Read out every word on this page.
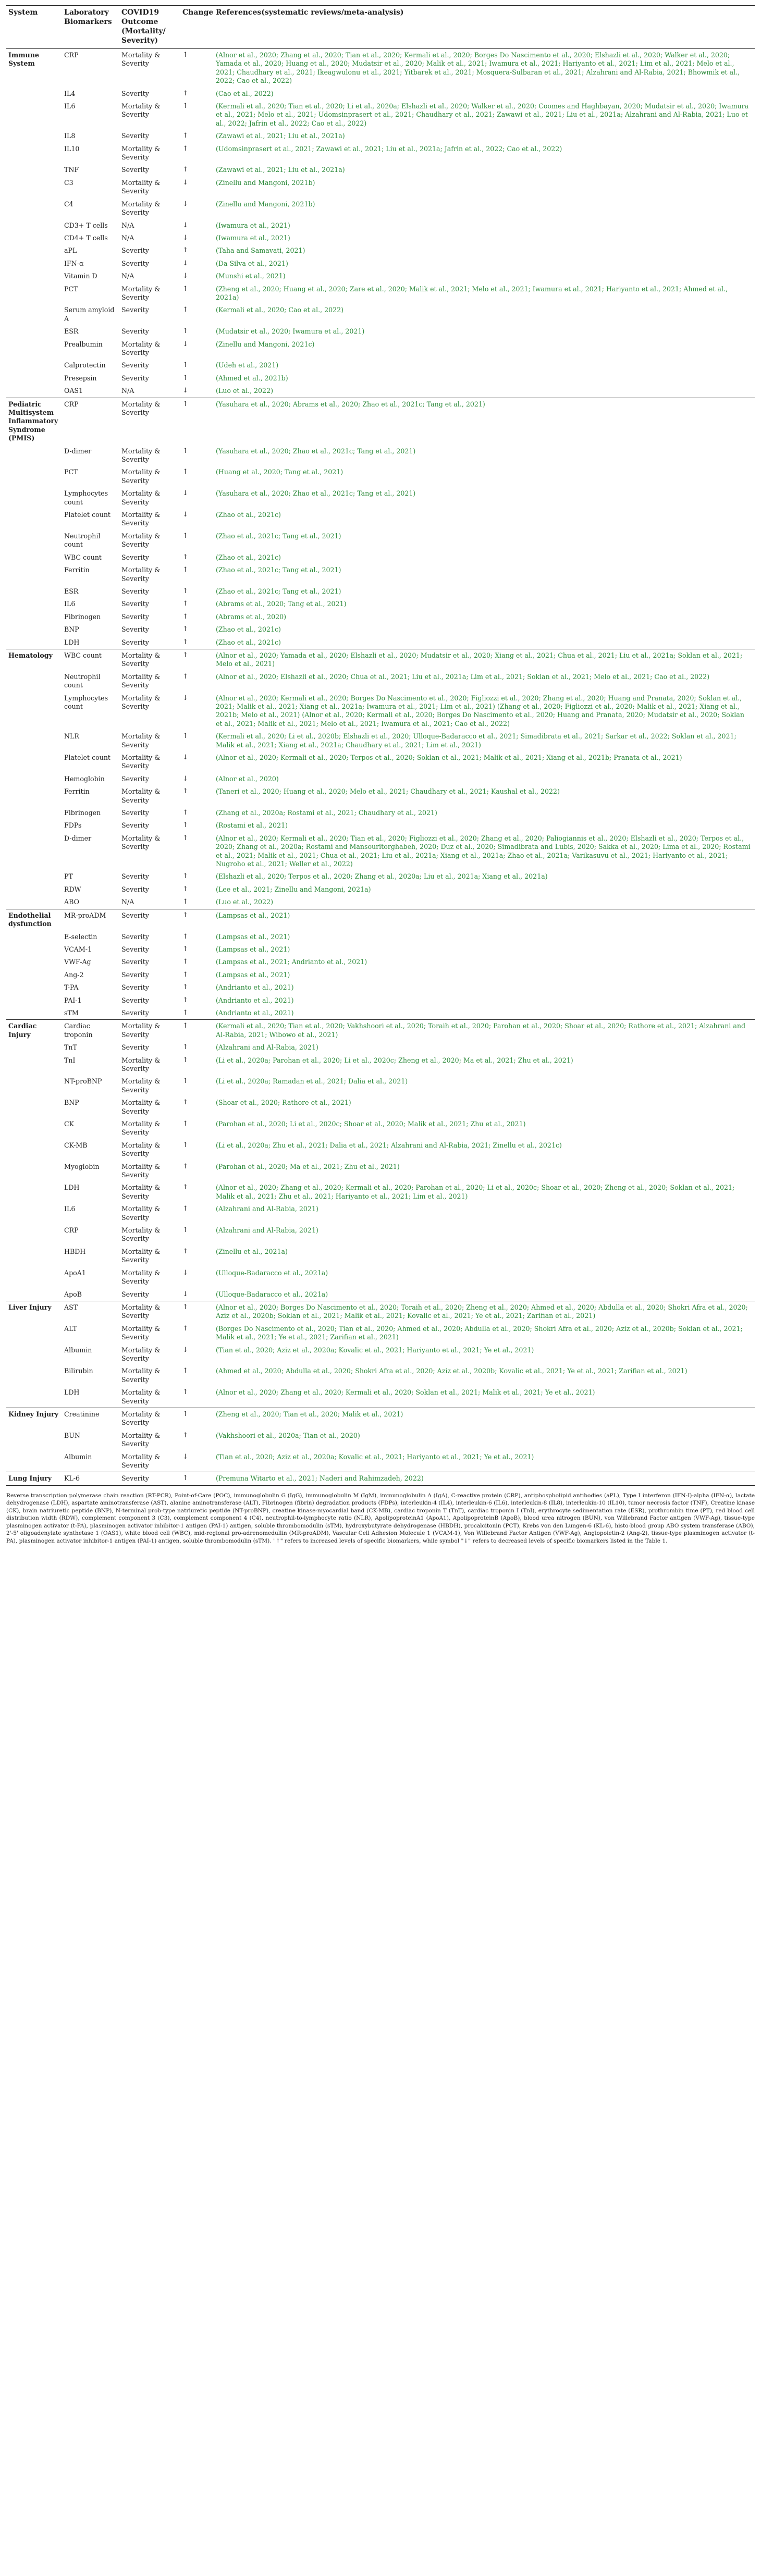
System	Laboratory Biomarkers	COVID19 Outcome (Mortality/ Severity)	Change	References(systematic reviews/meta-analysis)
Immune System	CRP	Mortality & Severity	↑	(Alnor et al., 2020; Zhang et al., 2020; Tian et al., 2020; Kermali et al., 2020; Borges Do Nascimento et al., 2020; Elshazli et al., 2020; Walker et al., 2020; Yamada et al., 2020; Huang et al., 2020; Mudatsir et al., 2020; Malik et al., 2021; Iwamura et al., 2021; Hariyanto et al., 2021; Lim et al., 2021; Melo et al., 2021; Chaudhary et al., 2021; Ikeagwulonu et al., 2021; Yitbarek et al., 2021; Mosquera-Sulbaran et al., 2021; Alzahrani and Al-Rabia, 2021; Bhowmik et al., 2022; Cao et al., 2022)
	IL4	Severity	↑	(Cao et al., 2022)
	IL6	Mortality & Severity	↑	(Kermali et al., 2020; Tian et al., 2020; Li et al., 2020a; Elshazli et al., 2020; Walker et al., 2020; Coomes and Haghbayan, 2020; Mudatsir et al., 2020; Iwamura et al., 2021; Melo et al., 2021; Udomsinprasert et al., 2021; Chaudhary et al., 2021; Zawawi et al., 2021; Liu et al., 2021a; Alzahrani and Al-Rabia, 2021; Luo et al., 2022; Jafrin et al., 2022; Cao et al., 2022)
	IL8	Severity	↑	(Zawawi et al., 2021; Liu et al., 2021a)
	IL10	Mortality & Severity	↑	(Udomsinprasert et al., 2021; Zawawi et al., 2021; Liu et al., 2021a; Jafrin et al., 2022; Cao et al., 2022)
	TNF	Severity	↑	(Zawawi et al., 2021; Liu et al., 2021a)
	C3	Mortality & Severity	↓	(Zinellu and Mangoni, 2021b)
	C4	Mortality & Severity	↓	(Zinellu and Mangoni, 2021b)
	CD3+ T cells	N/A	↓	(Iwamura et al., 2021)
	CD4+ T cells	N/A	↓	(Iwamura et al., 2021)
	aPL	Severity	↑	(Taha and Samavati, 2021)
	IFN-α	Severity	↓	(Da Silva et al., 2021)
	Vitamin D	N/A	↓	(Munshi et al., 2021)
	PCT	Mortality & Severity	↑	(Zheng et al., 2020; Huang et al., 2020; Zare et al., 2020; Malik et al., 2021; Melo et al., 2021; Iwamura et al., 2021; Hariyanto et al., 2021; Ahmed et al., 2021a)
	Serum amyloid A	Severity	↑	(Kermali et al., 2020; Cao et al., 2022)
	ESR	Severity	↑	(Mudatsir et al., 2020; Iwamura et al., 2021)
	Prealbumin	Mortality & Severity	↓	(Zinellu and Mangoni, 2021c)
	Calprotectin	Severity	↑	(Udeh et al., 2021)
	Presepsin	Severity	↑	(Ahmed et al., 2021b)
	OAS1	N/A	↓	(Luo et al., 2022)
Pediatric Multisystem Inflammatory Syndrome (PMIS)	CRP	Mortality & Severity	↑	(Yasuhara et al., 2020; Abrams et al., 2020; Zhao et al., 2021c; Tang et al., 2021)
	D-dimer	Mortality & Severity	↑	(Yasuhara et al., 2020; Zhao et al., 2021c; Tang et al., 2021)
	PCT	Mortality & Severity	↑	(Huang et al., 2020; Tang et al., 2021)
	Lymphocytes count	Mortality & Severity	↓	(Yasuhara et al., 2020; Zhao et al., 2021c; Tang et al., 2021)
	Platelet count	Mortality & Severity	↓	(Zhao et al., 2021c)
	Neutrophil count	Mortality & Severity	↑	(Zhao et al., 2021c; Tang et al., 2021)
	WBC count	Severity	↑	(Zhao et al., 2021c)
	Ferritin	Mortality & Severity	↑	(Zhao et al., 2021c; Tang et al., 2021)
	ESR	Severity	↑	(Zhao et al., 2021c; Tang et al., 2021)
	IL6	Severity	↑	(Abrams et al., 2020; Tang et al., 2021)
	Fibrinogen	Severity	↑	(Abrams et al., 2020)
	BNP	Severity	↑	(Zhao et al., 2021c)
	LDH	Severity	↑	(Zhao et al., 2021c)
Hematology	WBC count	Mortality & Severity	↑	(Alnor et al., 2020; Yamada et al., 2020; Elshazli et al., 2020; Mudatsir et al., 2020; Xiang et al., 2021; Chua et al., 2021; Liu et al., 2021a; Soklan et al., 2021; Melo et al., 2021)
	Neutrophil count	Mortality & Severity	↑	(Alnor et al., 2020; Elshazli et al., 2020; Chua et al., 2021; Liu et al., 2021a; Lim et al., 2021; Soklan et al., 2021; Melo et al., 2021; Cao et al., 2022)
	Lymphocytes count	Mortality & Severity	↓	(Alnor et al., 2020; Kermali et al., 2020; Borges Do Nascimento et al., 2020; Figliozzi et al., 2020; Zhang et al., 2020; Huang and Pranata, 2020; Soklan et al., 2021; Malik et al., 2021; Xiang et al., 2021a; Iwamura et al., 2021; Lim et al., 2021) (Zhang et al., 2020; Figliozzi et al., 2020; Malik et al., 2021; Xiang et al., 2021b; Melo et al., 2021) (Alnor et al., 2020; Kermali et al., 2020; Borges Do Nascimento et al., 2020; Huang and Pranata, 2020; Mudatsir et al., 2020; Soklan et al., 2021; Malik et al., 2021; Melo et al., 2021; Iwamura et al., 2021; Cao et al., 2022)
	NLR	Mortality & Severity	↑	(Kermali et al., 2020; Li et al., 2020b; Elshazli et al., 2020; Ulloque-Badaracco et al., 2021; Simadibrata et al., 2021; Sarkar et al., 2022; Soklan et al., 2021; Malik et al., 2021; Xiang et al., 2021a; Chaudhary et al., 2021; Lim et al., 2021)
	Platelet count	Mortality & Severity	↓	(Alnor et al., 2020; Kermali et al., 2020; Terpos et al., 2020; Soklan et al., 2021; Malik et al., 2021; Xiang et al., 2021b; Pranata et al., 2021)
	Hemoglobin	Severity	↓	(Alnor et al., 2020)
	Ferritin	Mortality & Severity	↑	(Taneri et al., 2020; Huang et al., 2020; Melo et al., 2021; Chaudhary et al., 2021; Kaushal et al., 2022)
	Fibrinogen	Severity	↑	(Zhang et al., 2020a; Rostami et al., 2021; Chaudhary et al., 2021)
	FDPs	Severity	↑	(Rostami et al., 2021)
	D-dimer	Mortality & Severity	↑	(Alnor et al., 2020; Kermali et al., 2020; Tian et al., 2020; Figliozzi et al., 2020; Zhang et al., 2020; Paliogiannis et al., 2020; Elshazli et al., 2020; Terpos et al., 2020; Zhang et al., 2020a; Rostami and Mansouritorghabeh, 2020; Duz et al., 2020; Simadibrata and Lubis, 2020; Sakka et al., 2020; Lima et al., 2020; Rostami et al., 2021; Malik et al., 2021; Chua et al., 2021; Liu et al., 2021a; Xiang et al., 2021a; Zhao et al., 2021a; Varikasuvu et al., 2021; Hariyanto et al., 2021; Nugroho et al., 2021; Weller et al., 2022)
	PT	Severity	↑	(Elshazli et al., 2020; Terpos et al., 2020; Zhang et al., 2020a; Liu et al., 2021a; Xiang et al., 2021a)
	RDW	Severity	↑	(Lee et al., 2021; Zinellu and Mangoni, 2021a)
	ABO	N/A	↑	(Luo et al., 2022)
Endothelial dysfunction	MR-proADM	Severity	↑	(Lampsas et al., 2021)
	E-selectin	Severity	↑	(Lampsas et al., 2021)
	VCAM-1	Severity	↑	(Lampsas et al., 2021)
	VWF-Ag	Severity	↑	(Lampsas et al., 2021; Andrianto et al., 2021)
	Ang-2	Severity	↑	(Lampsas et al., 2021)
	T-PA	Severity	↑	(Andrianto et al., 2021)
	PAI-1	Severity	↑	(Andrianto et al., 2021)
	sTM	Severity	↑	(Andrianto et al., 2021)
Cardiac Injury	Cardiac troponin	Mortality & Severity	↑	(Kermali et al., 2020; Tian et al., 2020; Vakhshoori et al., 2020; Toraih et al., 2020; Parohan et al., 2020; Shoar et al., 2020; Rathore et al., 2021; Alzahrani and Al-Rabia, 2021; Wibowo et al., 2021)
	TnT	Severity	↑	(Alzahrani and Al-Rabia, 2021)
	TnI	Mortality & Severity	↑	(Li et al., 2020a; Parohan et al., 2020; Li et al., 2020c; Zheng et al., 2020; Ma et al., 2021; Zhu et al., 2021)
	NT-proBNP	Mortality & Severity	↑	(Li et al., 2020a; Ramadan et al., 2021; Dalia et al., 2021)
	BNP	Mortality & Severity	↑	(Shoar et al., 2020; Rathore et al., 2021)
	CK	Mortality & Severity	↑	(Parohan et al., 2020; Li et al., 2020c; Shoar et al., 2020; Malik et al., 2021; Zhu et al., 2021)
	CK-MB	Mortality & Severity	↑	(Li et al., 2020a; Zhu et al., 2021; Dalia et al., 2021; Alzahrani and Al-Rabia, 2021; Zinellu et al., 2021c)
	Myoglobin	Mortality & Severity	↑	(Parohan et al., 2020; Ma et al., 2021; Zhu et al., 2021)
	LDH	Mortality & Severity	↑	(Alnor et al., 2020; Zhang et al., 2020; Kermali et al., 2020; Parohan et al., 2020; Li et al., 2020c; Shoar et al., 2020; Zheng et al., 2020; Soklan et al., 2021; Malik et al., 2021; Zhu et al., 2021; Hariyanto et al., 2021; Lim et al., 2021)
	IL6	Mortality & Severity	↑	(Alzahrani and Al-Rabia, 2021)
	CRP	Mortality & Severity	↑	(Alzahrani and Al-Rabia, 2021)
	HBDH	Mortality & Severity	↑	(Zinellu et al., 2021a)
	ApoA1	Mortality & Severity	↓	(Ulloque-Badaracco et al., 2021a)
	ApoB	Severity	↓	(Ulloque-Badaracco et al., 2021a)
Liver Injury	AST	Mortality & Severity	↑	(Alnor et al., 2020; Borges Do Nascimento et al., 2020; Toraih et al., 2020; Zheng et al., 2020; Ahmed et al., 2020; Abdulla et al., 2020; Shokri Afra et al., 2020; Aziz et al., 2020b; Soklan et al., 2021; Malik et al., 2021; Kovalic et al., 2021; Ye et al., 2021; Zarifian et al., 2021)
	ALT	Mortality & Severity	↑	(Borges Do Nascimento et al., 2020; Tian et al., 2020; Ahmed et al., 2020; Abdulla et al., 2020; Shokri Afra et al., 2020; Aziz et al., 2020b; Soklan et al., 2021; Malik et al., 2021; Ye et al., 2021; Zarifian et al., 2021)
	Albumin	Mortality & Severity	↓	(Tian et al., 2020; Aziz et al., 2020a; Kovalic et al., 2021; Hariyanto et al., 2021; Ye et al., 2021)
	Bilirubin	Mortality & Severity	↑	(Ahmed et al., 2020; Abdulla et al., 2020; Shokri Afra et al., 2020; Aziz et al., 2020b; Kovalic et al., 2021; Ye et al., 2021; Zarifian et al., 2021)
	LDH	Mortality & Severity	↑	(Alnor et al., 2020; Zhang et al., 2020; Kermali et al., 2020; Soklan et al., 2021; Malik et al., 2021; Ye et al., 2021)
Kidney Injury	Creatinine	Mortality & Severity	↑	(Zheng et al., 2020; Tian et al., 2020; Malik et al., 2021)
	BUN	Mortality & Severity	↑	(Vakhshoori et al., 2020a; Tian et al., 2020)
	Albumin	Mortality & Severity	↓	(Tian et al., 2020; Aziz et al., 2020a; Kovalic et al., 2021; Hariyanto et al., 2021; Ye et al., 2021)
Lung Injury	KL-6	Severity	↑	(Premuna Witarto et al., 2021; Naderi and Rahimzadeh, 2022)
Reverse transcription polymerase chain reaction (RT-PCR), Point-of-Care (POC), immunoglobulin G (IgG), immunoglobulin M (IgM), immunoglobulin A (IgA), C-reactive protein (CRP), antiphospholipid antibodies (aPL), Type I interferon (IFN-I)-alpha (IFN-α), lactate dehydrogenase (LDH), aspartate aminotransferase (AST), alanine aminotransferase (ALT), Fibrinogen (fibrin) degradation products (FDPs), interleukin-4 (IL4), interleukin-6 (IL6), interleukin-8 (IL8), interleukin-10 (IL10), tumor necrosis factor (TNF), Creatine kinase (CK), brain natriuretic peptide (BNP), N-terminal prob-type natriuretic peptide (NT-proBNP), creatine kinase-myocardial band (CK-MB), cardiac troponin T (TnT), cardiac troponin I (TnI), erythrocyte sedimentation rate (ESR), prothrombin time (PT), red blood cell distribution width (RDW), complement component 3 (C3), complement component 4 (C4), neutrophil-to-lymphocyte ratio (NLR), ApolipoproteinA1 (ApoA1), ApolipoproteinB (ApoB), blood urea nitrogen (BUN), von Willebrand Factor antigen (VWF-Ag), tissue-type plasminogen activator (t-PA), plasminogen activator inhibitor-1 antigen (PAI-1) antigen, soluble thrombomodulin (sTM), hydroxybutyrate dehydrogenase (HBDH), procalcitonin (PCT), Krebs von den Lungen-6 (KL-6), histo-blood group ABO system transferase (ABO), 2'-5' oligoadenylate synthetase 1 (OAS1), white blood cell (WBC), mid-regional pro-adrenomedullin (MR-proADM), Vascular Cell Adhesion Molecule 1 (VCAM-1), Von Willebrand Factor Antigen (VWF-Ag), Angiopoietin-2 (Ang-2), tissue-type plasminogen activator (t-PA), plasminogen activator inhibitor-1 antigen (PAI-1) antigen, soluble thrombomodulin (sTM). "↑" refers to increased levels of specific biomarkers, while symbol "↓" refers to decreased levels of specific biomarkers listed in the Table 1.
